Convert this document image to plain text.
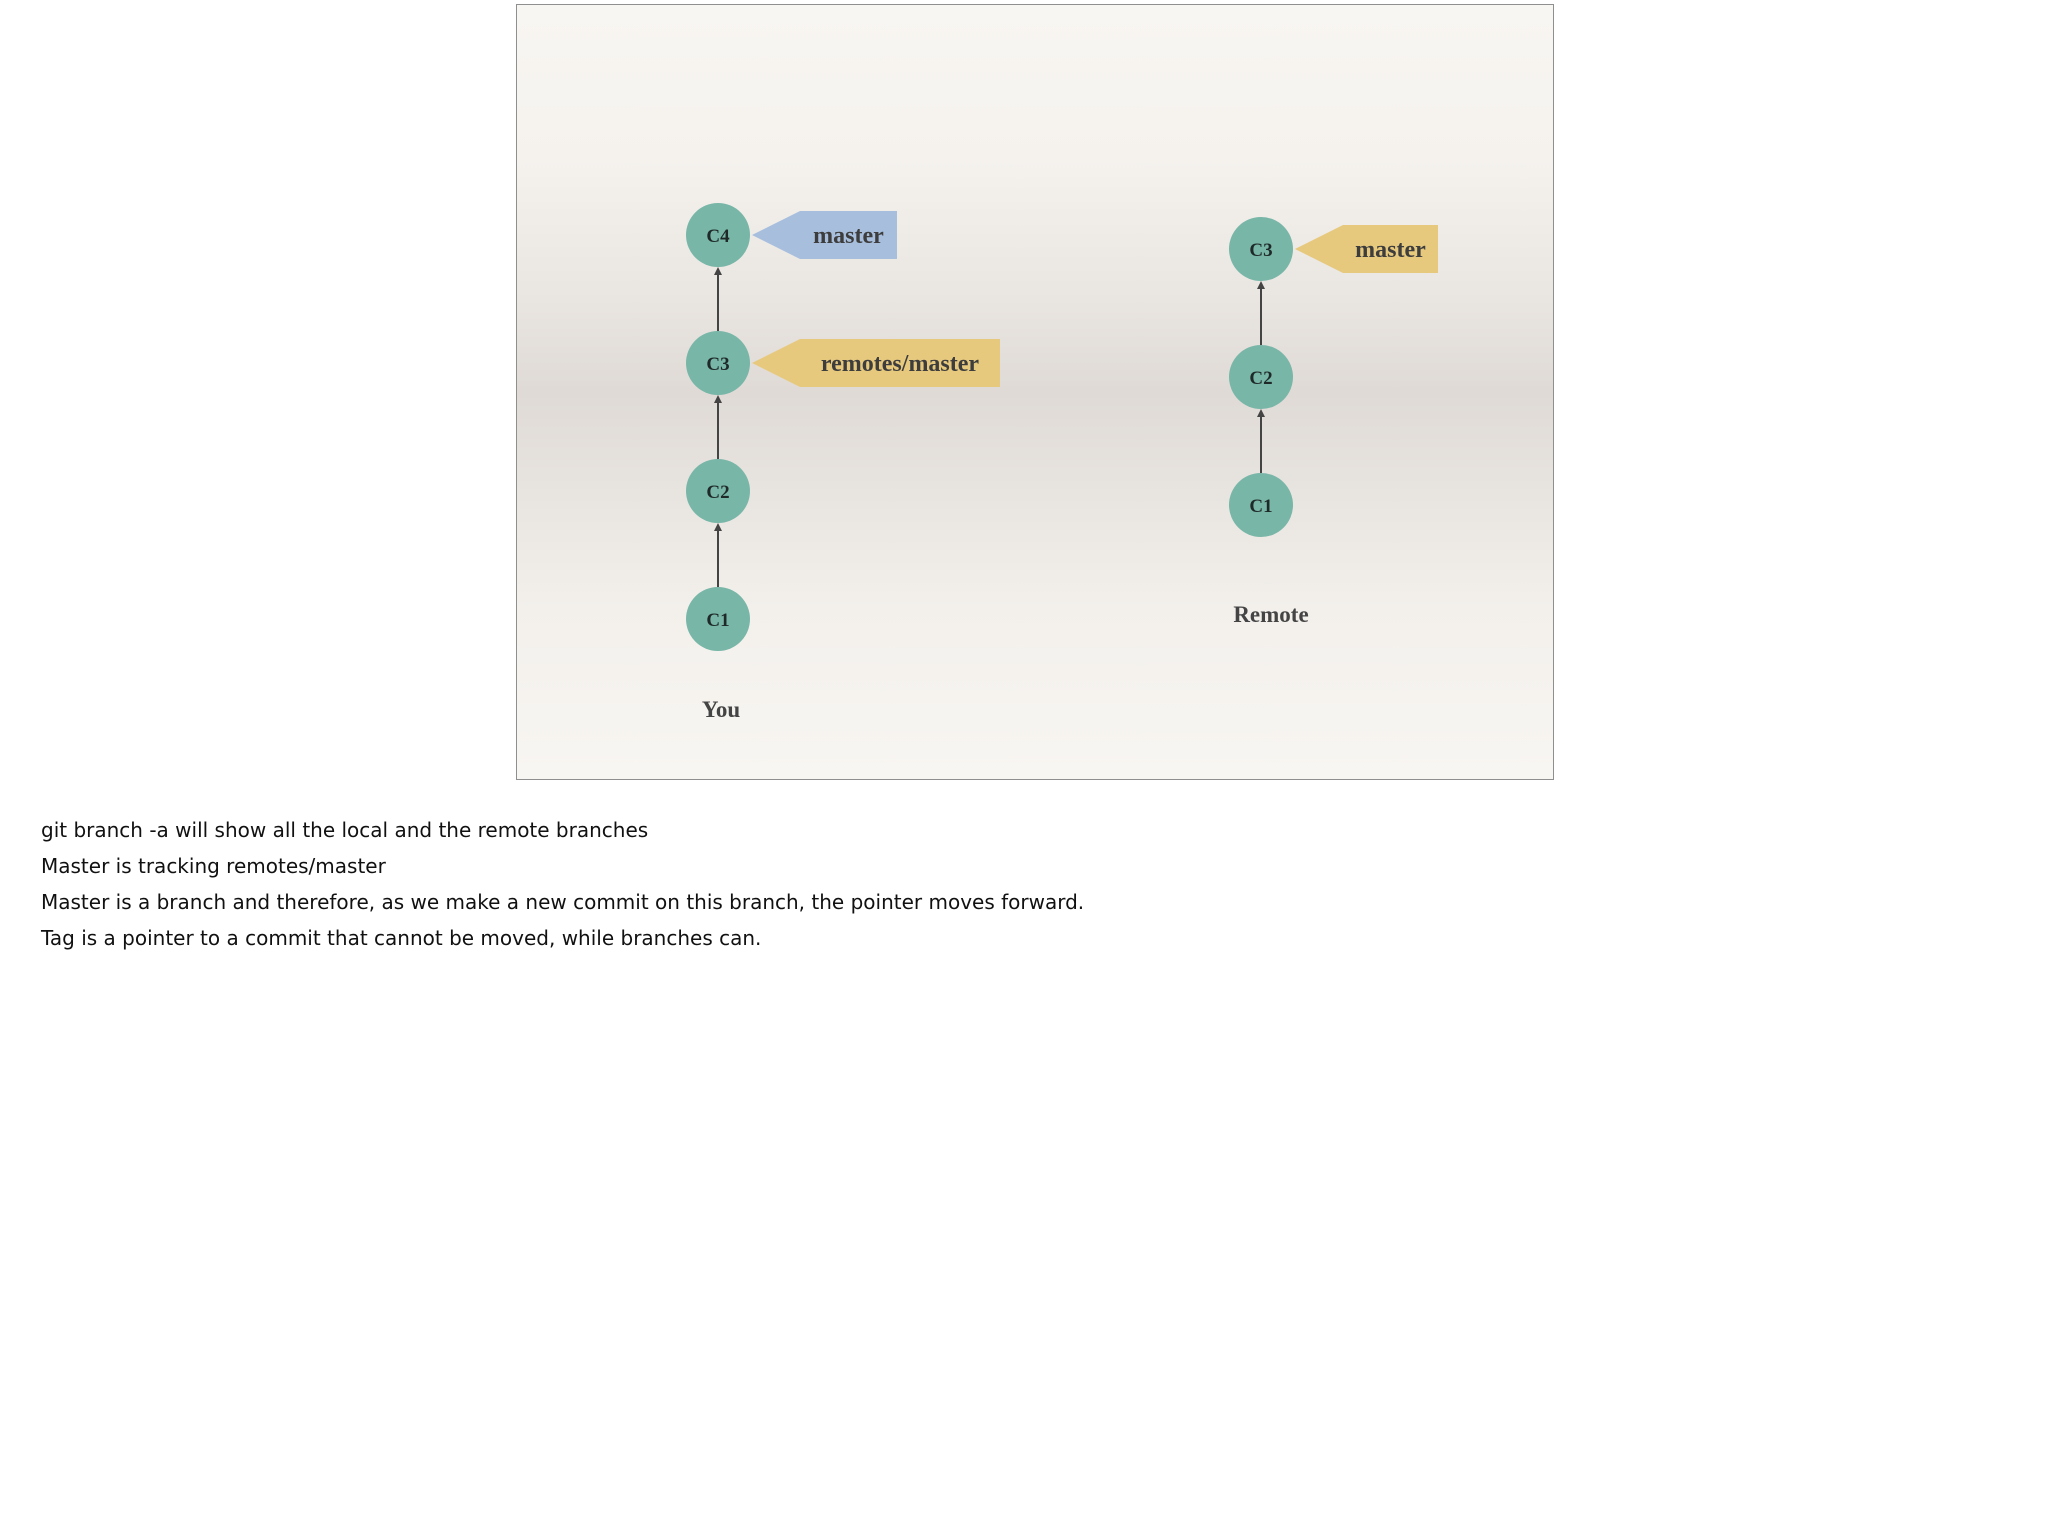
C1
C2
C3
C4	master
remotes/master
C1
C2
C3	master
You
Remote

git branch -a will show all the local and the remote branches

Master is tracking remotes/master

Master is a branch and therefore, as we make a new commit on this branch, the pointer moves forward.

Tag is a pointer to a commit that cannot be moved, while branches can.
